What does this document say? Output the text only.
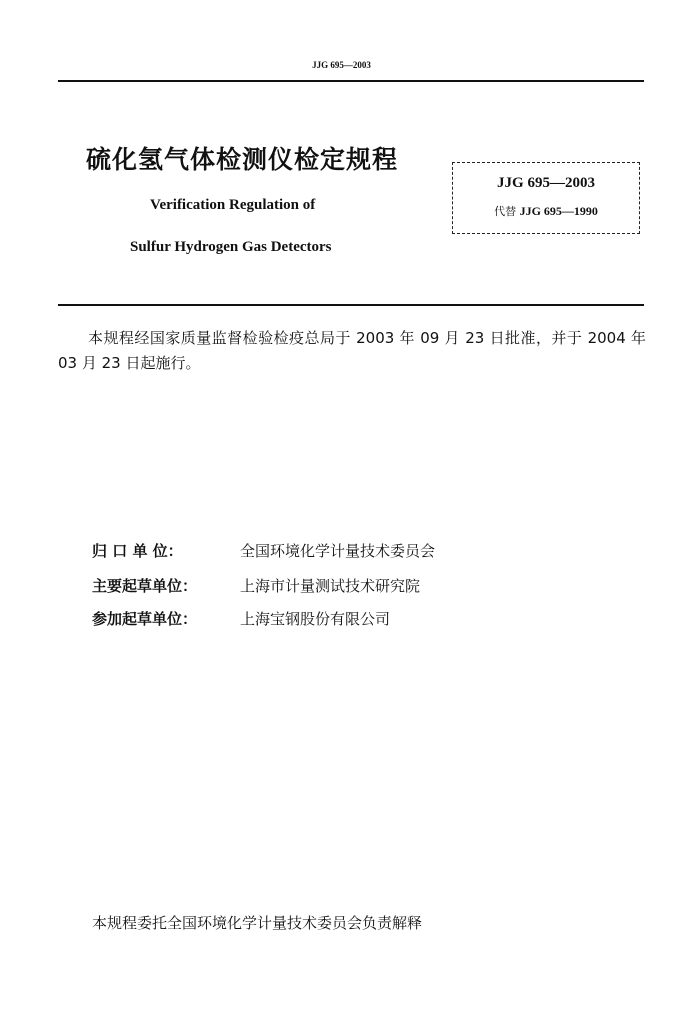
JJG 695—2003
硫化氢气体检测仪检定规程
Verification Regulation of
Sulfur Hydrogen Gas Detectors
JJG 695—2003
代替 JJG 695—1990
本规程经国家质量监督检验检疫总局于 2003 年 09 月 23 日批准，并于 2004 年 03 月 23 日起施行。
归 口 单 位：	全国环境化学计量技术委员会
主要起草单位：	上海市计量测试技术研究院
参加起草单位：	上海宝钢股份有限公司
本规程委托全国环境化学计量技术委员会负责解释
